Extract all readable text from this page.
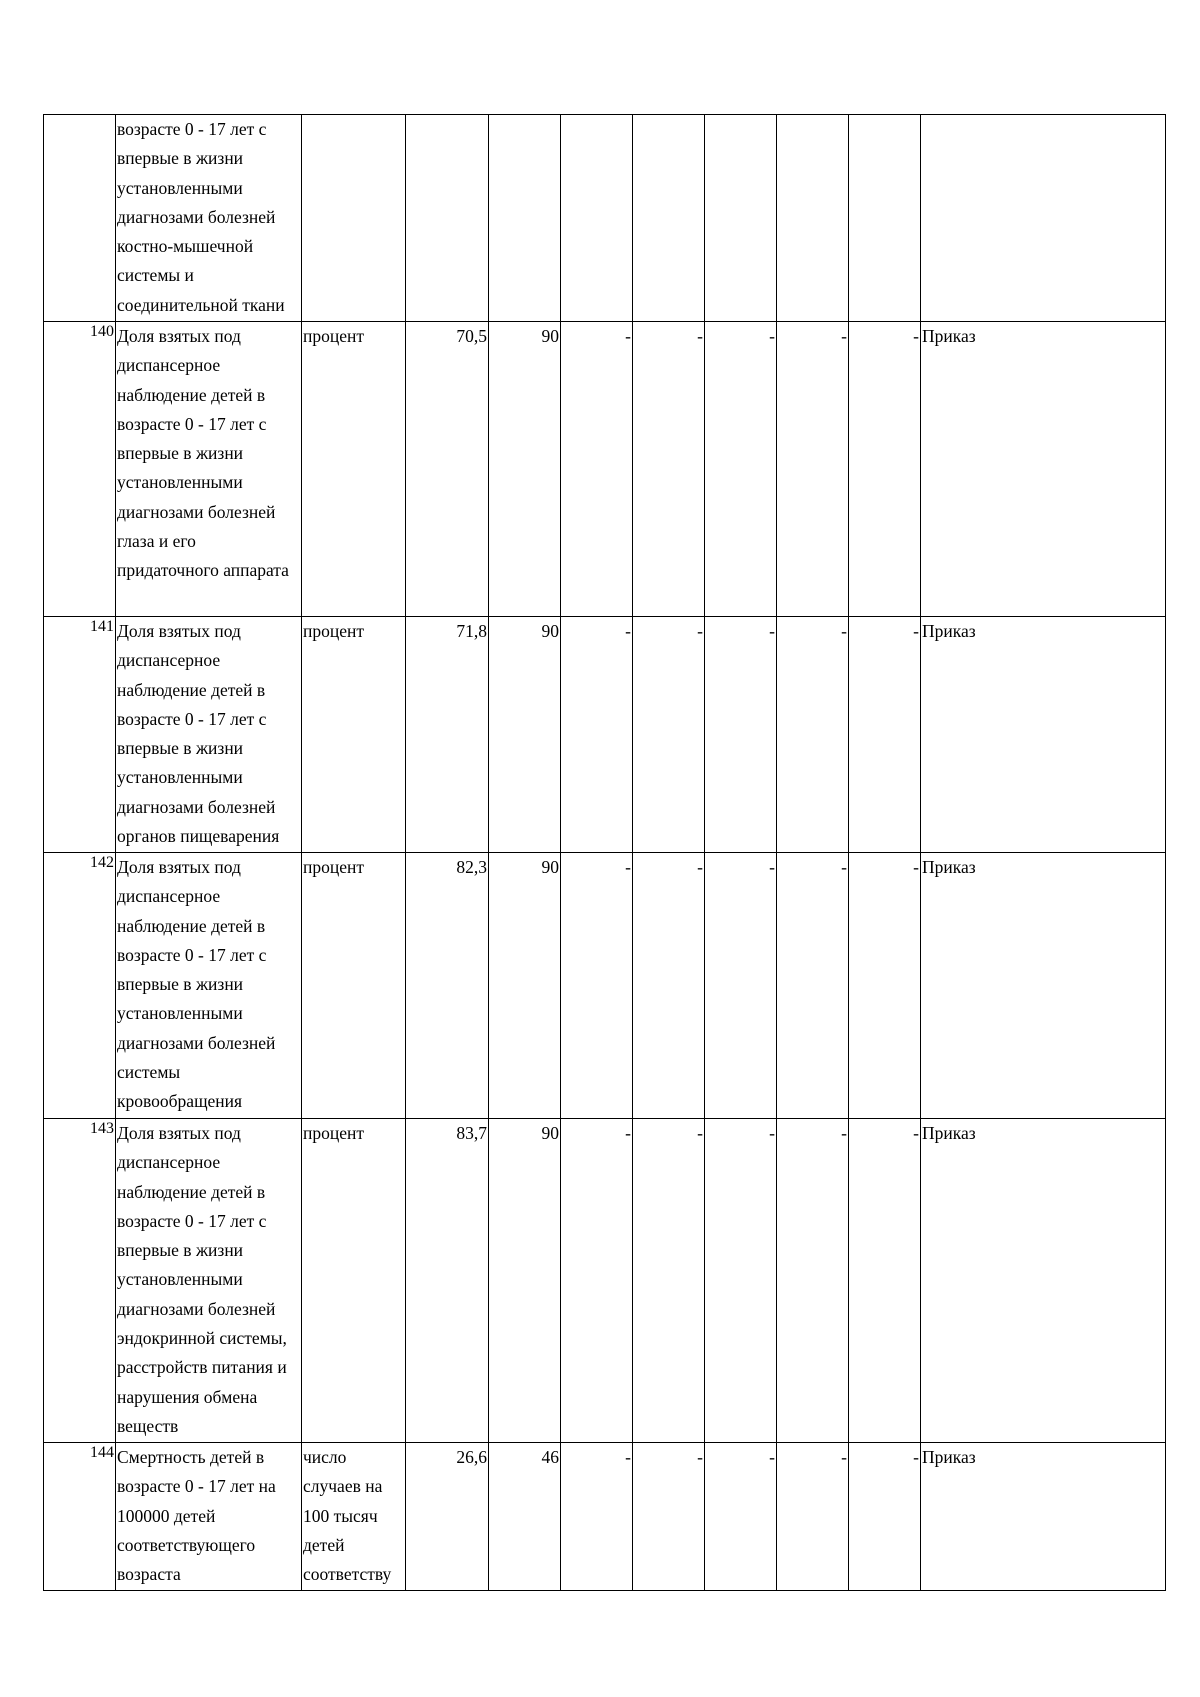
	возрасте 0 - 17 лет с впервые в жизни установленными диагнозами болезней костно-мышечной системы и соединительной ткани									
140	Доля взятых под диспансерное наблюдение детей в возрасте 0 - 17 лет с впервые в жизни установленными диагнозами болезней глаза и его придаточного аппарата	процент	70,5	90	-	-	-	-	-	Приказ
141	Доля взятых под диспансерное наблюдение детей в возрасте 0 - 17 лет с впервые в жизни установленными диагнозами болезней органов пищеварения	процент	71,8	90	-	-	-	-	-	Приказ
142	Доля взятых под диспансерное наблюдение детей в возрасте 0 - 17 лет с впервые в жизни установленными диагнозами болезней системы кровообращения	процент	82,3	90	-	-	-	-	-	Приказ
143	Доля взятых под диспансерное наблюдение детей в возрасте 0 - 17 лет с впервые в жизни установленными диагнозами болезней эндокринной системы, расстройств питания и нарушения обмена веществ	процент	83,7	90	-	-	-	-	-	Приказ
144	Смертность детей в возрасте 0 - 17 лет на 100000 детей соответствующего возраста	число случаев на 100 тысяч детей соответству	26,6	46	-	-	-	-	-	Приказ
